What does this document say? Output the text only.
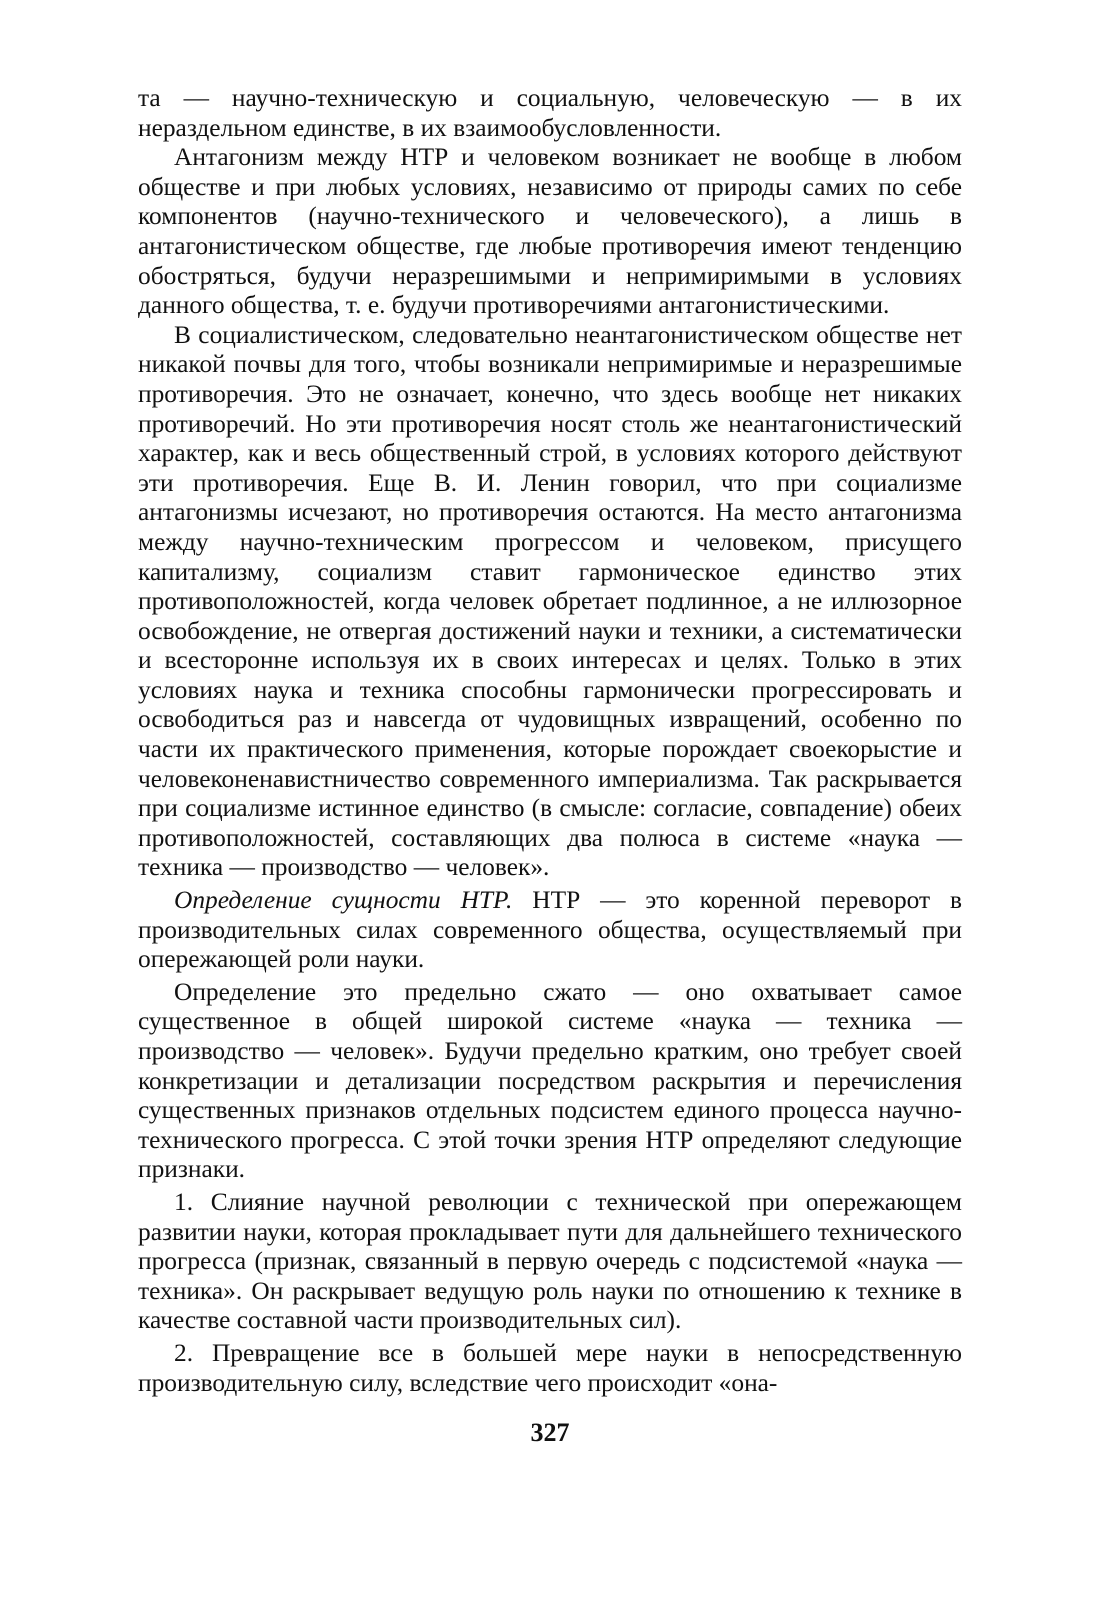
та — научно-техническую и социальную, человеческую — в их нераздельном единстве, в их взаимообусловленности.

Антагонизм между НТР и человеком возникает не вообще в любом обществе и при любых условиях, независимо от природы самих по себе компонентов (научно-технического и человеческого), а лишь в антагонистическом обществе, где любые противоречия имеют тенденцию обостряться, будучи неразрешимыми и непримиримыми в условиях данного общества, т. е. будучи противоречиями антагонистическими.

В социалистическом, следовательно неантагонистическом обществе нет никакой почвы для того, чтобы возникали непримиримые и неразрешимые противоречия. Это не означает, конечно, что здесь вообще нет никаких противоречий. Но эти противоречия носят столь же неантагонистический характер, как и весь общественный строй, в условиях которого действуют эти противоречия. Еще В. И. Ленин говорил, что при социализме антагонизмы исчезают, но противоречия остаются. На место антагонизма между научно-техническим прогрессом и человеком, присущего капитализму, социализм ставит гармоническое единство этих противоположностей, когда человек обретает подлинное, а не иллюзорное освобождение, не отвергая достижений науки и техники, а систематически и всесторонне используя их в своих интересах и целях. Только в этих условиях наука и техника способны гармонически прогрессировать и освободиться раз и навсегда от чудовищных извращений, особенно по части их практического применения, которые порождает своекорыстие и человеконенавистничество современного империализма. Так раскрывается при социализме истинное единство (в смысле: согласие, совпадение) обеих противоположностей, составляющих два полюса в системе «наука — техника — производство — человек».

Определение сущности НТР. НТР — это коренной переворот в производительных силах современного общества, осуществляемый при опережающей роли науки.

Определение это предельно сжато — оно охватывает самое существенное в общей широкой системе «наука — техника — производство — человек». Будучи предельно кратким, оно требует своей конкретизации и детализации посредством раскрытия и перечисления существенных признаков отдельных подсистем единого процесса научно-технического прогресса. С этой точки зрения НТР определяют следующие признаки.

1. Слияние научной революции с технической при опережающем развитии науки, которая прокладывает пути для дальнейшего технического прогресса (признак, связанный в первую очередь с подсистемой «наука — техника». Он раскрывает ведущую роль науки по отношению к технике в качестве составной части производительных сил).

2. Превращение все в большей мере науки в непосредственную производительную силу, вследствие чего происходит «она-

327
